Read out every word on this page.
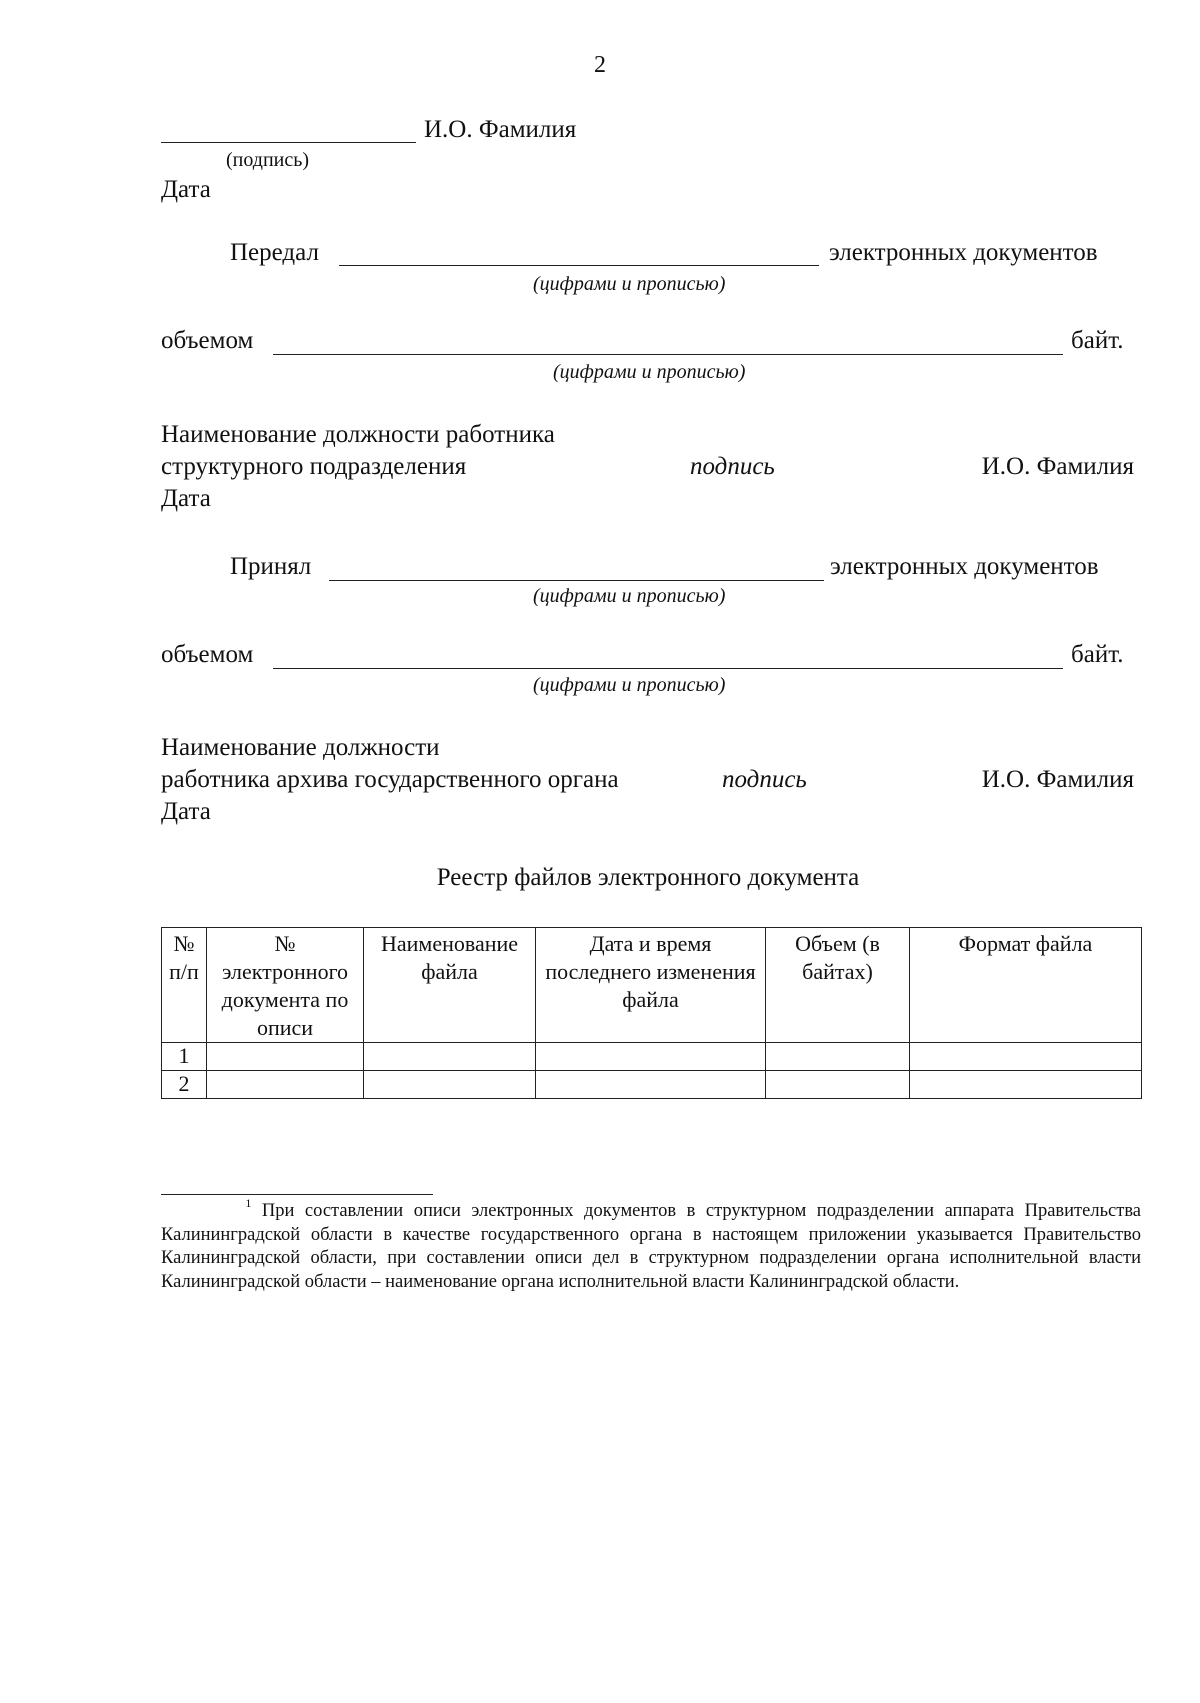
2
И.О. Фамилия
(подпись)
Дата
Передал	электронных документов
(цифрами и прописью)
объемом	байт.
(цифрами и прописью)
Наименование должности работника
структурного подразделения	подпись	И.О. Фамилия
Дата
Принял	электронных документов
(цифрами и прописью)
объемом	байт.
(цифрами и прописью)
Наименование должности
работника архива государственного органа	подпись	И.О. Фамилия
Дата
Реестр файлов электронного документа
№ п/п	№ электронного документа по описи	Наименование файла	Дата и время последнего изменения файла	Объем (в байтах)	Формат файла
1					
2					
$^1$ При составлении описи электронных документов в структурном подразделении аппарата Правительства Калининградской области в качестве государственного органа в настоящем приложении указывается Правительство Калининградской области, при составлении описи дел в структурном подразделении органа исполнительной власти Калининградской области – наименование органа исполнительной власти Калининградской области.
